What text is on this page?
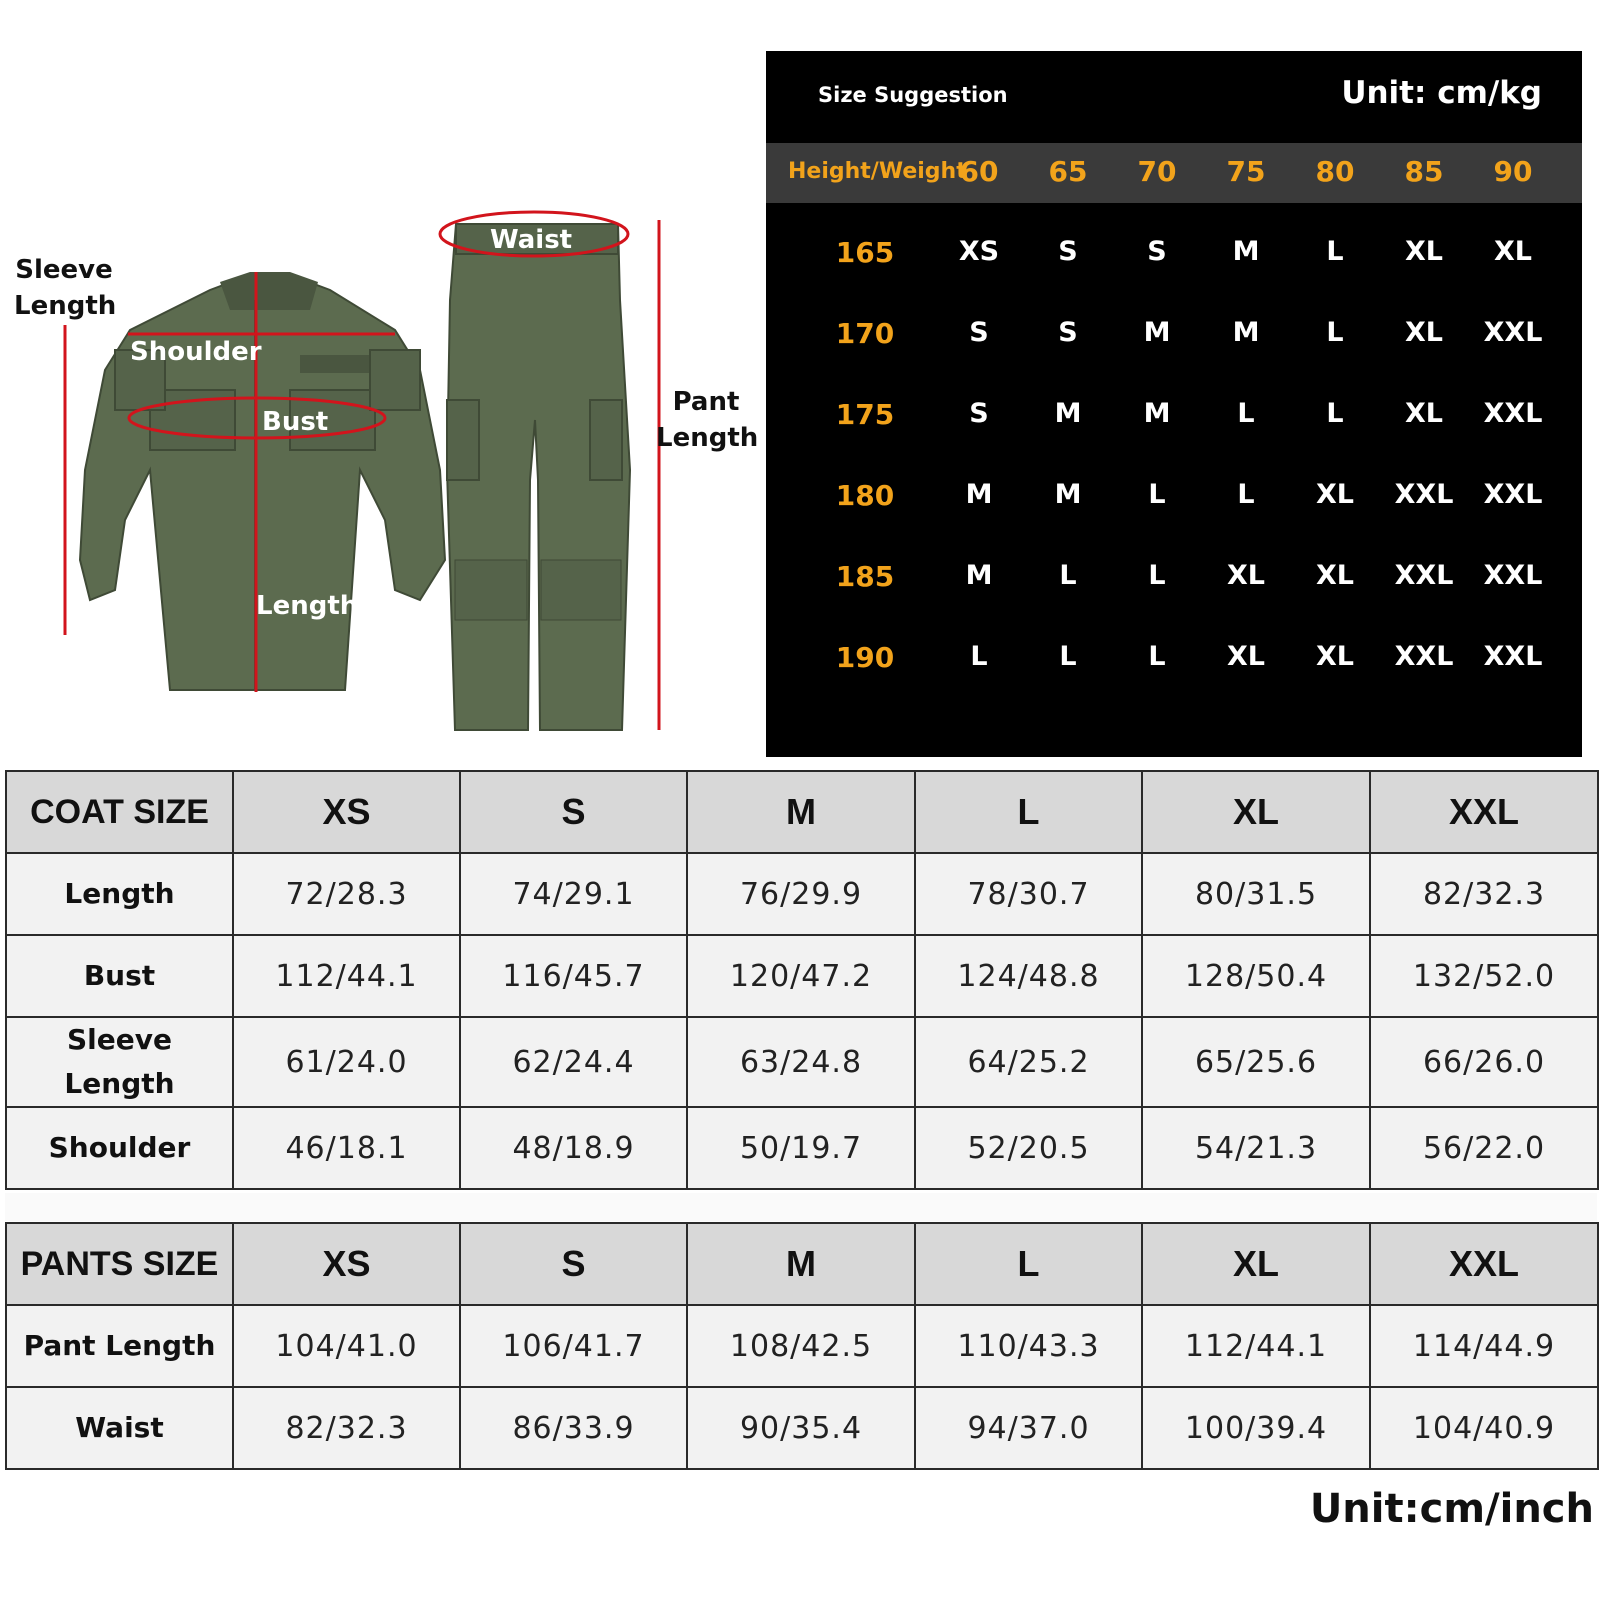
Sleeve
Length
Shoulder
Bust
Length
Waist
Pant
Length
Size Suggestion	Unit: cm/kg
Height/Weight
60	65	70	75	80	85	90
165	XS	S	S	M	L	XL	XL
170	S	S	M	M	L	XL	XXL
175	S	M	M	L	L	XL	XXL
180	M	M	L	L	XL	XXL	XXL
185	M	L	L	XL	XL	XXL	XXL
190	L	L	L	XL	XL	XXL	XXL
COAT SIZE	XS	S	M	L	XL	XXL
Length	72/28.3	74/29.1	76/29.9	78/30.7	80/31.5	82/32.3
Bust	112/44.1	116/45.7	120/47.2	124/48.8	128/50.4	132/52.0
Sleeve
Length	61/24.0	62/24.4	63/24.8	64/25.2	65/25.6	66/26.0
Shoulder	46/18.1	48/18.9	50/19.7	52/20.5	54/21.3	56/22.0
PANTS SIZE	XS	S	M	L	XL	XXL
Pant Length	104/41.0	106/41.7	108/42.5	110/43.3	112/44.1	114/44.9
Waist	82/32.3	86/33.9	90/35.4	94/37.0	100/39.4	104/40.9
Unit:cm/inch
